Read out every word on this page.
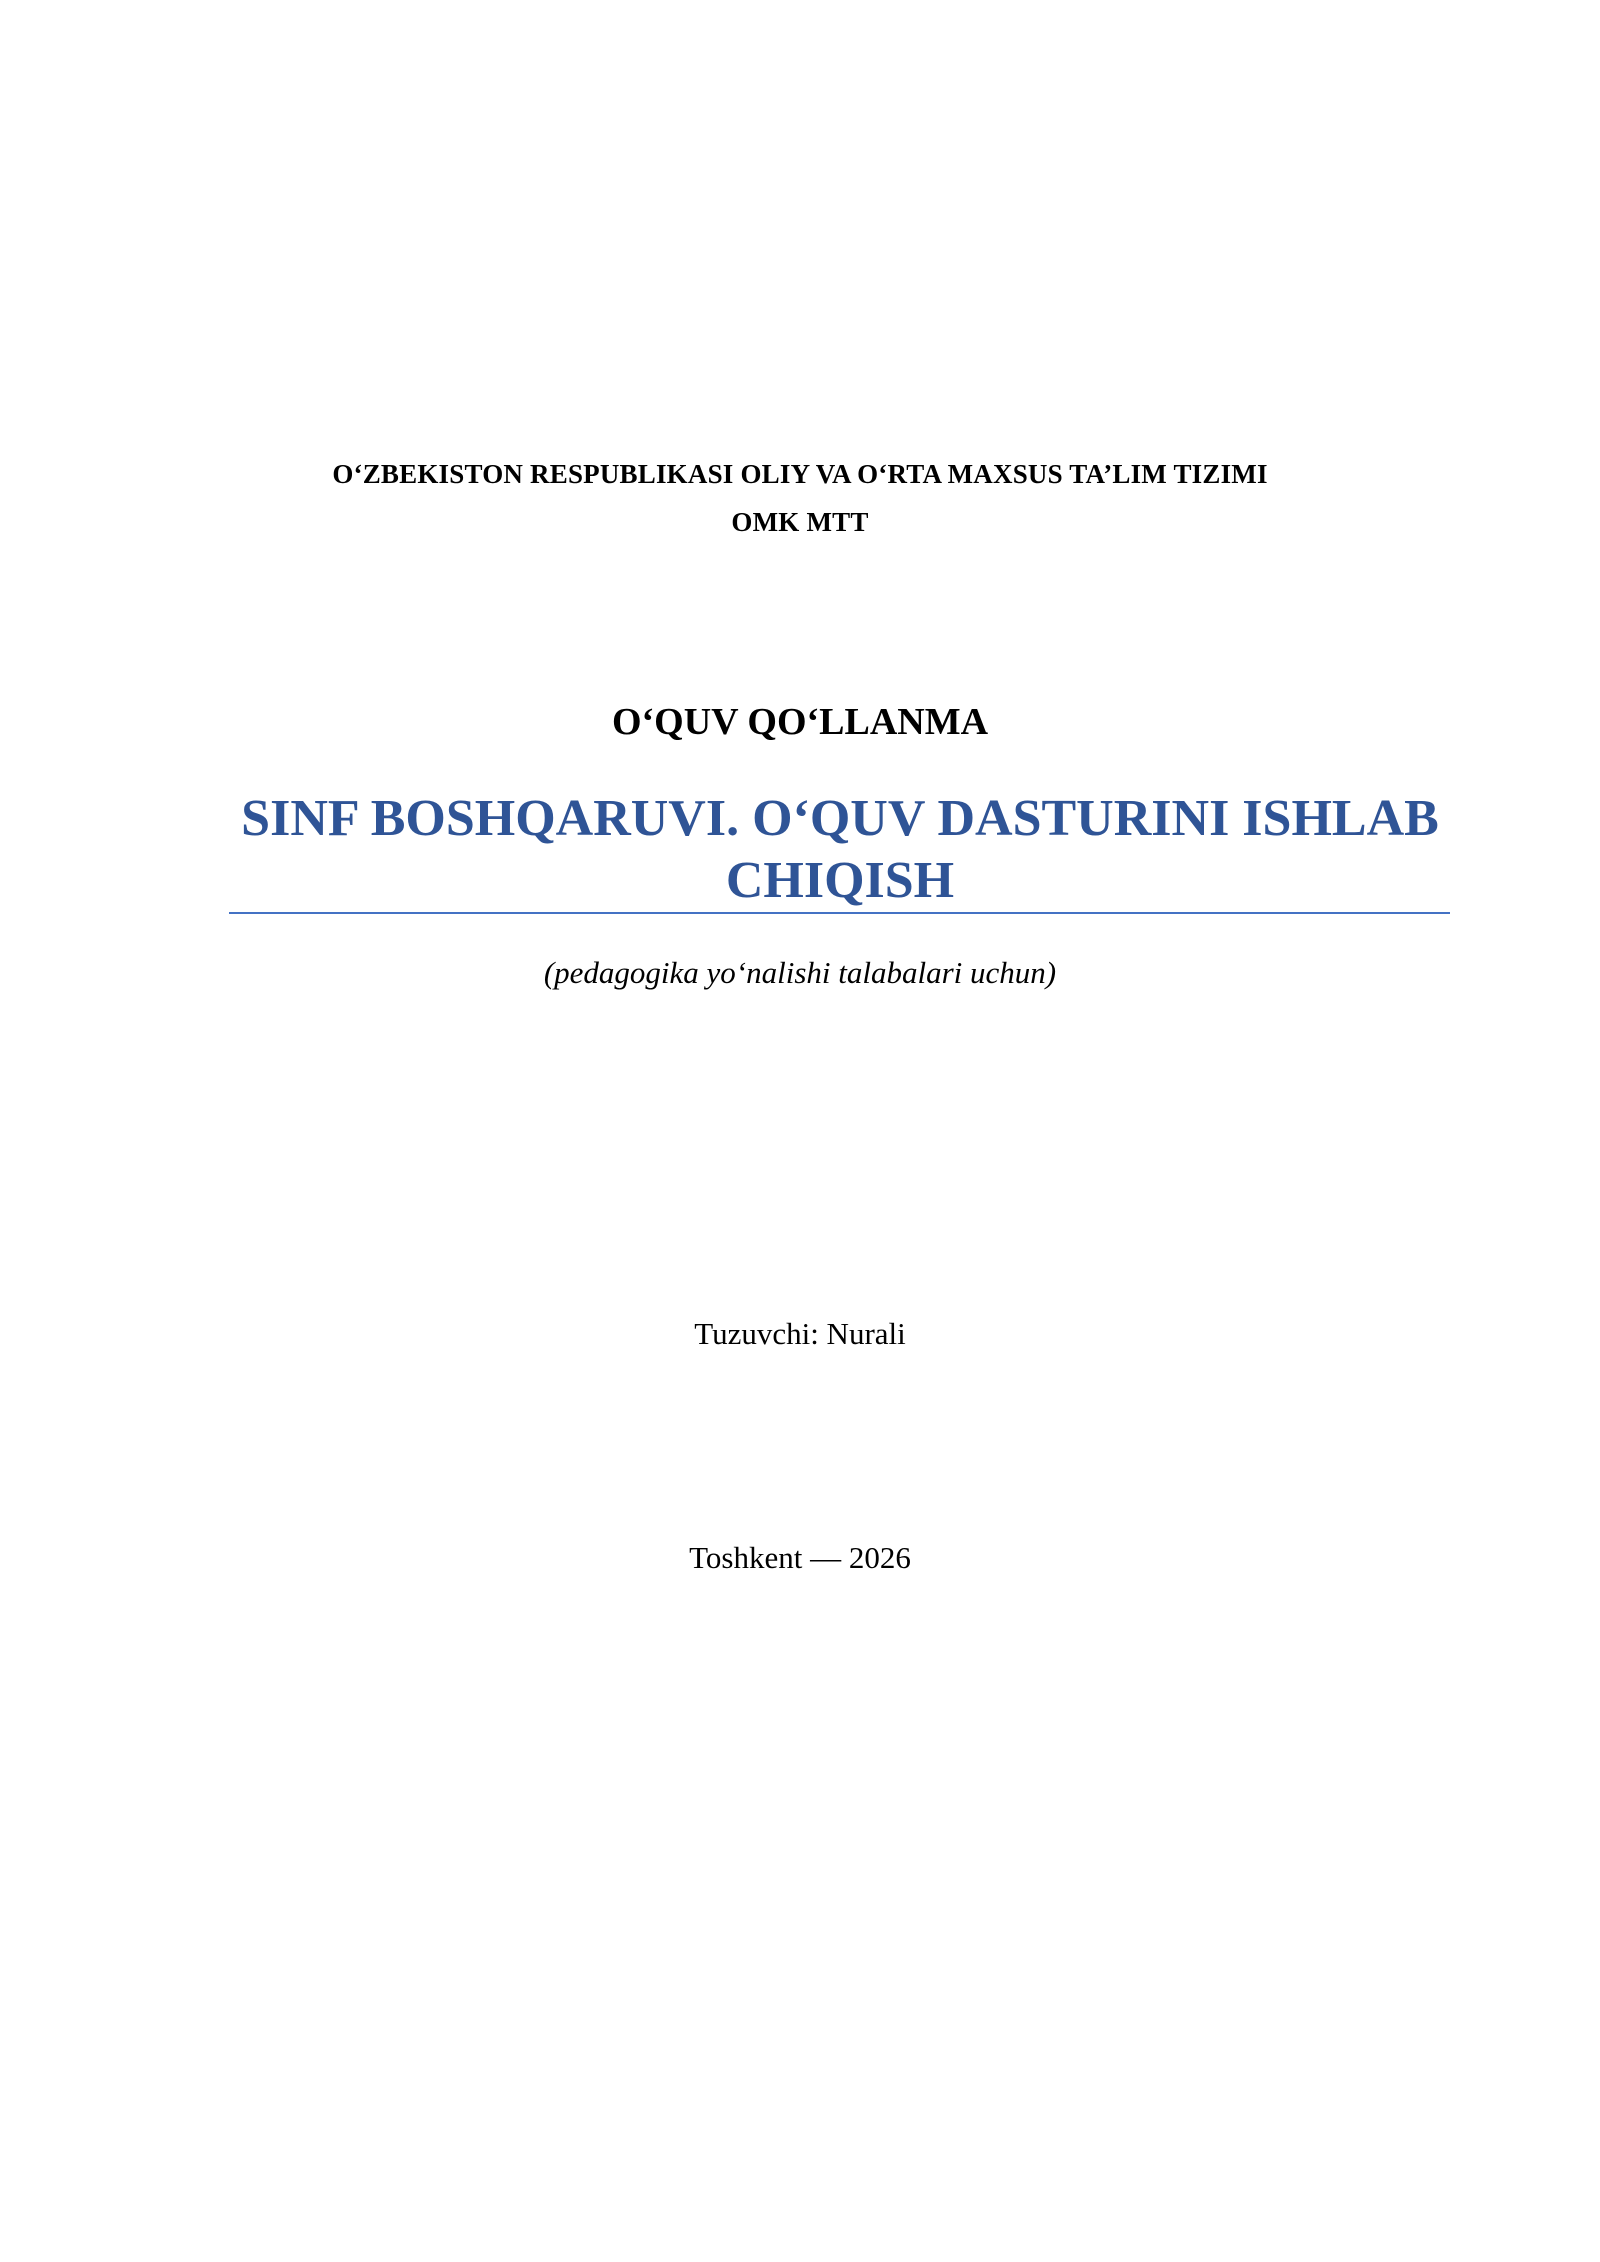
O‘ZBEKISTON RESPUBLIKASI OLIY VA O‘RTA MAXSUS TA’LIM TIZIMI
OMK MTT
O‘QUV QO‘LLANMA
SINF BOSHQARUVI. O‘QUV DASTURINI ISHLAB CHIQISH
(pedagogika yo‘nalishi talabalari uchun)
Tuzuvchi: Nurali
Toshkent — 2026
